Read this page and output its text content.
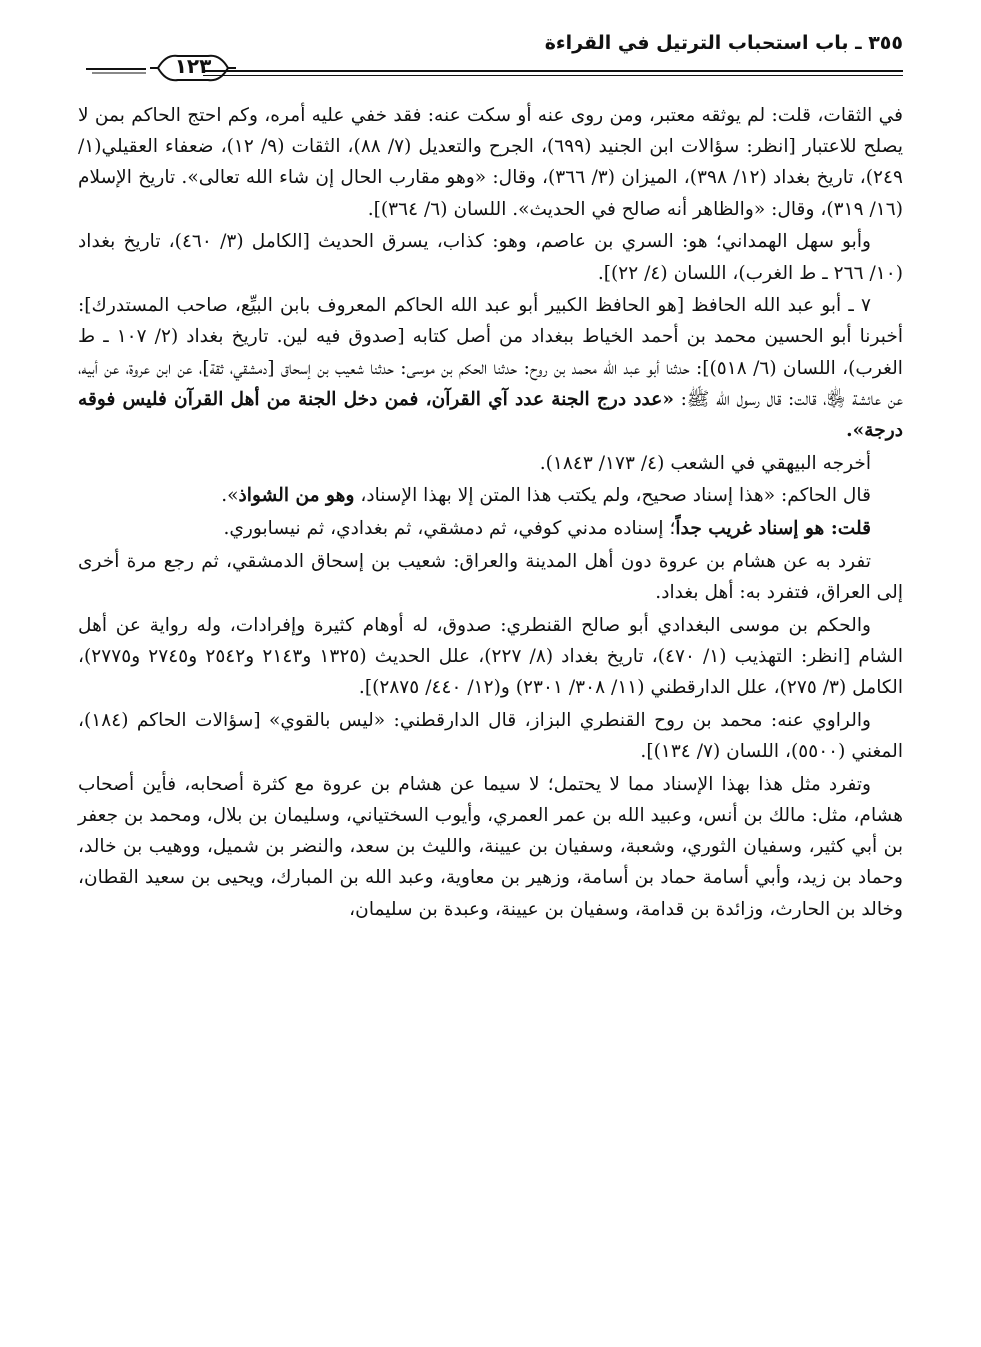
٣٥٥ ـ باب استحباب الترتيل في القراءة
١٢٣

في الثقات، قلت: لم يوثقه معتبر، ومن روى عنه أو سكت عنه: فقد خفي عليه أمره، وكم احتج الحاكم بمن لا يصلح للاعتبار [انظر: سؤالات ابن الجنيد (٦٩٩)، الجرح والتعديل (٧/ ٨٨)، الثقات (٩/ ١٢)، ضعفاء العقيلي(١/ ٢٤٩)، تاريخ بغداد (١٢/ ٣٩٨)، الميزان (٣/ ٣٦٦)، وقال: «وهو مقارب الحال إن شاء الله تعالى». تاريخ الإسلام (١٦/ ٣١٩)، وقال: «والظاهر أنه صالح في الحديث». اللسان (٦/ ٣٦٤)].

وأبو سهل الهمداني؛ هو: السري بن عاصم، وهو: كذاب، يسرق الحديث [الكامل (٣/ ٤٦٠)، تاريخ بغداد (١٠/ ٢٦٦ ـ ط الغرب)، اللسان (٤/ ٢٢)].

٧ ـ أبو عبد الله الحافظ [هو الحافظ الكبير أبو عبد الله الحاكم المعروف بابن البيِّع، صاحب المستدرك]: أخبرنا أبو الحسين محمد بن أحمد الخياط ببغداد من أصل كتابه [صدوق فيه لين. تاريخ بغداد (٢/ ١٠٧ ـ ط الغرب)، اللسان (٦/ ٥١٨)]: حدثنا أبو عبد الله محمد بن روح: حدثنا الحكم بن موسى: حدثنا شعيب بن إسحاق [دمشقي، ثقة]، عن ابن عروة، عن أبيه، عن عائشة ﵂، قالت: قال رسول الله ﷺ: «عدد درج الجنة عدد آي القرآن، فمن دخل الجنة من أهل القرآن فليس فوقه درجة».

أخرجه البيهقي في الشعب (٤/ ١٧٣/ ١٨٤٣).

قال الحاكم: «هذا إسناد صحيح، ولم يكتب هذا المتن إلا بهذا الإسناد، وهو من الشواذ».

قلت: هو إسناد غريب جداً؛ إسناده مدني كوفي، ثم دمشقي، ثم بغدادي، ثم نيسابوري.

تفرد به عن هشام بن عروة دون أهل المدينة والعراق: شعيب بن إسحاق الدمشقي، ثم رجع مرة أخرى إلى العراق، فتفرد به: أهل بغداد.

والحكم بن موسى البغدادي أبو صالح القنطري: صدوق، له أوهام كثيرة وإفرادات، وله رواية عن أهل الشام [انظر: التهذيب (١/ ٤٧٠)، تاريخ بغداد (٨/ ٢٢٧)، علل الحديث (١٣٢٥ و٢١٤٣ و٢٥٤٢ و٢٧٤٥ و٢٧٧٥)، الكامل (٣/ ٢٧٥)، علل الدارقطني (١١/ ٣٠٨/ ٢٣٠١) و(١٢/ ٤٤٠/ ٢٨٧٥)].

والراوي عنه: محمد بن روح القنطري البزاز، قال الدارقطني: «ليس بالقوي» [سؤالات الحاكم (١٨٤)، المغني (٥٥٠٠)، اللسان (٧/ ١٣٤)].

وتفرد مثل هذا بهذا الإسناد مما لا يحتمل؛ لا سيما عن هشام بن عروة مع كثرة أصحابه، فأين أصحاب هشام، مثل: مالك بن أنس، وعبيد الله بن عمر العمري، وأيوب السختياني، وسليمان بن بلال، ومحمد بن جعفر بن أبي كثير، وسفيان الثوري، وشعبة، وسفيان بن عيينة، والليث بن سعد، والنضر بن شميل، ووهيب بن خالد، وحماد بن زيد، وأبي أسامة حماد بن أسامة، وزهير بن معاوية، وعبد الله بن المبارك، ويحيى بن سعيد القطان، وخالد بن الحارث، وزائدة بن قدامة، وسفيان بن عيينة، وعبدة بن سليمان،
